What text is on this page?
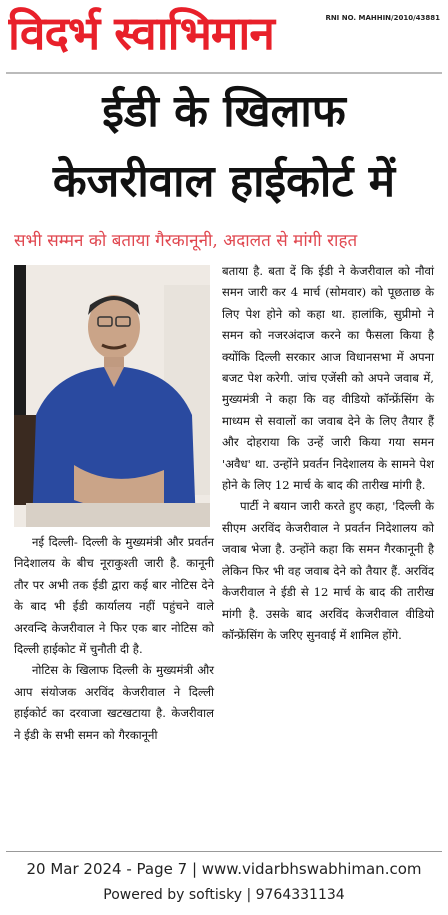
विदर्भ स्वाभिमान	RNI NO. MAHHIN/2010/43881
ईडी के खिलाफ
केजरीवाल हाईकोर्ट में
सभी सम्मन को बताया गैरकानूनी, अदालत से मांगी राहत

नई दिल्ली- दिल्ली के मुख्यमंत्री और प्रवर्तन निदेशालय के बीच नूराकुश्ती जारी है. कानूनी तौर पर अभी तक ईडी द्वारा कई बार नोटिस देने के बाद भी ईडी कार्यालय नहीं पहुंचने वाले अरवन्दि केजरीवाल ने फिर एक बार नोटिस को दिल्ली हाईकोट में चुनौती दी है.

नोटिस के खिलाफ दिल्ली के मुख्यमंत्री और आप संयोजक अरविंद केजरीवाल ने दिल्ली हाईकोर्ट का दरवाजा खटखटाया है. केजरीवाल ने ईडी के सभी समन को गैरकानूनी

बताया है. बता दें कि ईडी ने केजरीवाल को नौवां समन जारी कर 4 मार्च (सोमवार) को पूछताछ के लिए पेश होने को कहा था. हालांकि, सुप्रीमो ने समन को नजरअंदाज करने का फैसला किया है क्योंकि दिल्ली सरकार आज विधानसभा में अपना बजट पेश करेगी. जांच एजेंसी को अपने जवाब में, मुख्यमंत्री ने कहा कि वह वीडियो कॉन्फ्रेंसिंग के माध्यम से सवालों का जवाब देने के लिए तैयार हैं और दोहराया कि उन्हें जारी किया गया समन 'अवैध' था. उन्होंने प्रवर्तन निदेशालय के सामने पेश होने के लिए 12 मार्च के बाद की तारीख मांगी है.

पार्टी ने बयान जारी करते हुए कहा, 'दिल्ली के सीएम अरविंद केजरीवाल ने प्रवर्तन निदेशालय को जवाब भेजा है. उन्होंने कहा कि समन गैरकानूनी है लेकिन फिर भी वह जवाब देने को तैयार हैं. अरविंद केजरीवाल ने ईडी से 12 मार्च के बाद की तारीख मांगी है. उसके बाद अरविंद केजरीवाल वीडियो कॉन्फ्रेंसिंग के जरिए सुनवाई में शामिल होंगे.

20 Mar 2024 - Page 7 | www.vidarbhswabhiman.com
Powered by softisky | 9764331134
